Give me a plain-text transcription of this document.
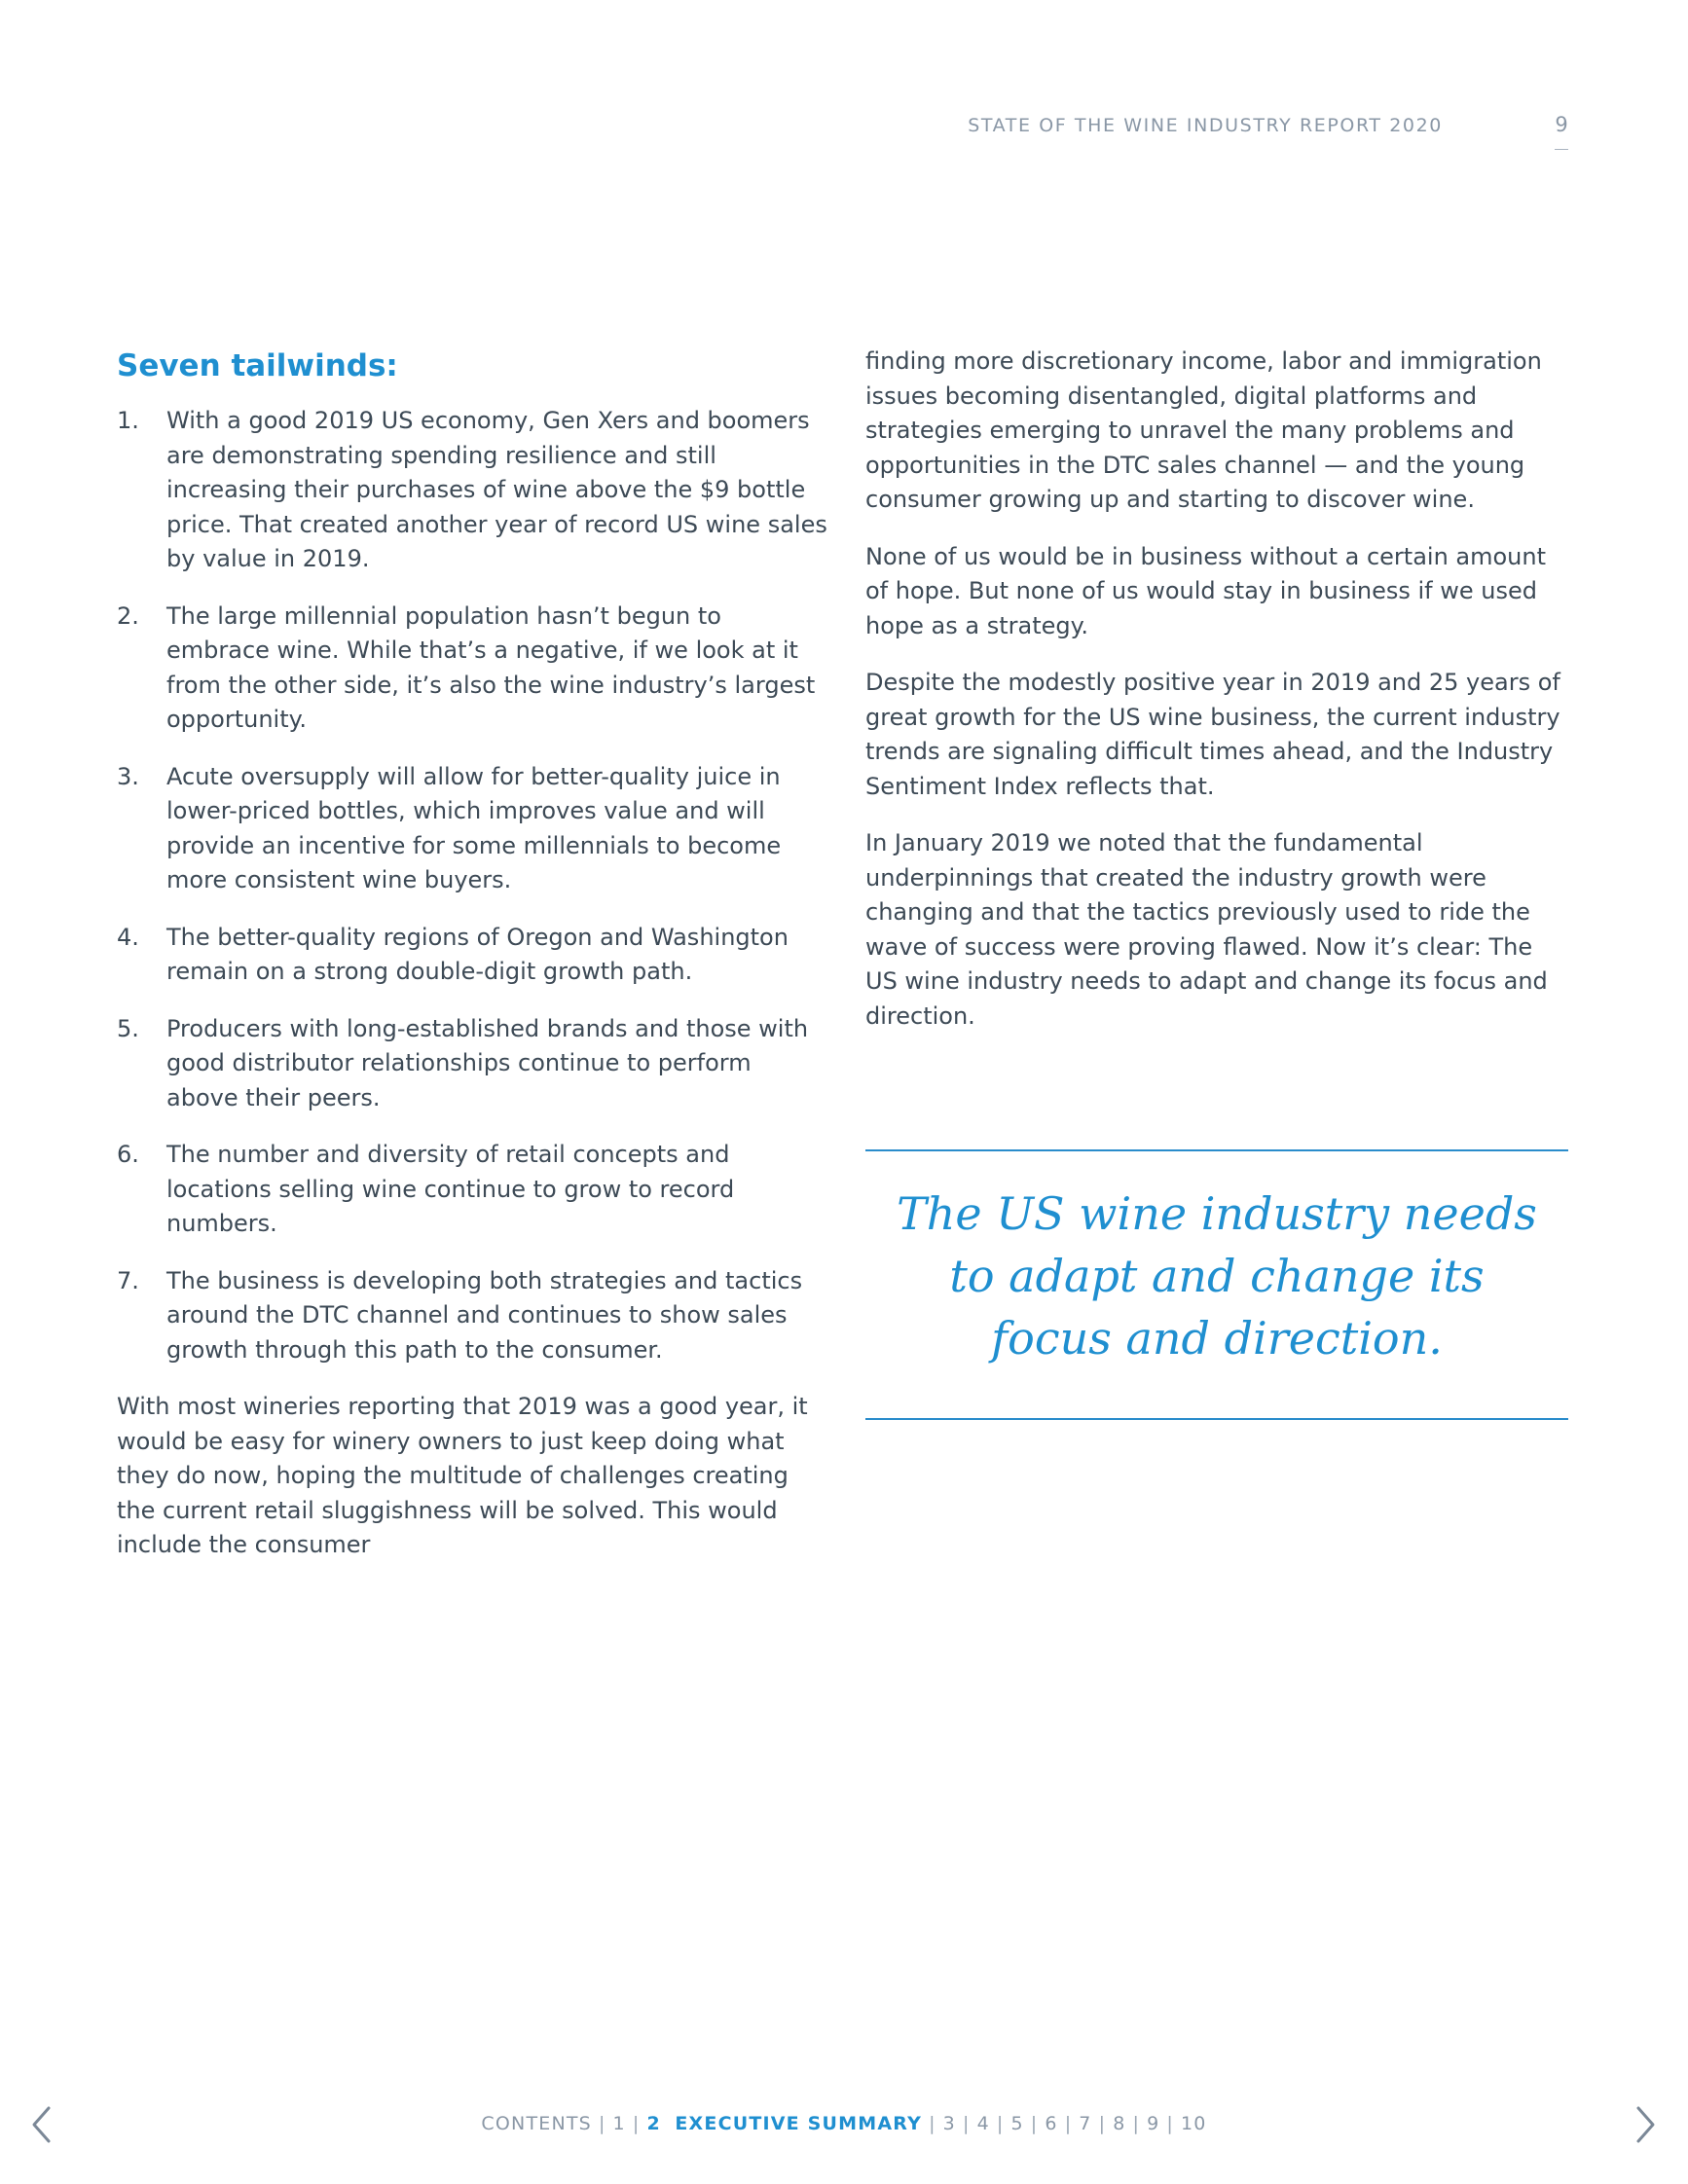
STATE OF THE WINE INDUSTRY REPORT 2020	9
Seven tailwinds:
1. With a good 2019 US economy, Gen Xers and boomers are demonstrating spending resilience and still increasing their purchases of wine above the $9 bottle price. That created another year of record US wine sales by value in 2019.
2. The large millennial population hasn’t begun to embrace wine. While that’s a negative, if we look at it from the other side, it’s also the wine industry’s largest opportunity.
3. Acute oversupply will allow for better-quality juice in lower-priced bottles, which improves value and will provide an incentive for some millennials to become more consistent wine buyers.
4. The better-quality regions of Oregon and Washington remain on a strong double-digit growth path.
5. Producers with long-established brands and those with good distributor relationships continue to perform above their peers.
6. The number and diversity of retail concepts and locations selling wine continue to grow to record numbers.
7. The business is developing both strategies and tactics around the DTC channel and continues to show sales growth through this path to the consumer.

With most wineries reporting that 2019 was a good year, it would be easy for winery owners to just keep doing what they do now, hoping the multitude of challenges creating the current retail sluggishness will be solved. This would include the consumer

finding more discretionary income, labor and immigration issues becoming disentangled, digital platforms and strategies emerging to unravel the many problems and opportunities in the DTC sales channel — and the young consumer growing up and starting to discover wine.

None of us would be in business without a certain amount of hope. But none of us would stay in business if we used hope as a strategy.

Despite the modestly positive year in 2019 and 25 years of great growth for the US wine business, the current industry trends are signaling difficult times ahead, and the Industry Sentiment Index reflects that.

In January 2019 we noted that the fundamental underpinnings that created the industry growth were changing and that the tactics previously used to ride the wave of success were proving flawed. Now it’s clear: The US wine industry needs to adapt and change its focus and direction.

The US wine industry needs
to adapt and change its
focus and direction.
CONTENTS | 1 | 2 EXECUTIVE SUMMARY | 3 | 4 | 5 | 6 | 7 | 8 | 9 | 10
